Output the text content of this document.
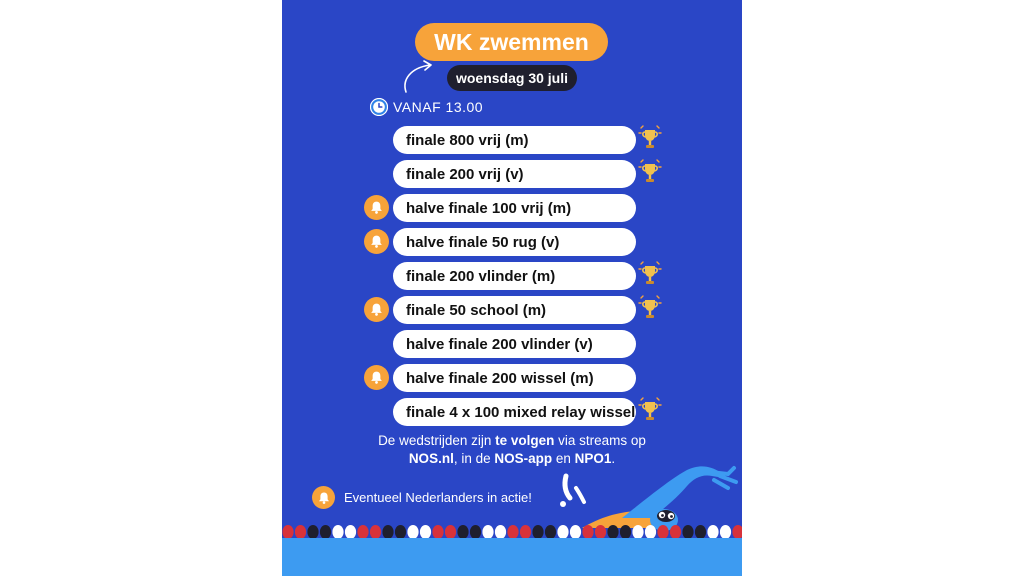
WK zwemmen
woensdag 30 juli
VANAF 13.00
finale 800 vrij (m)
finale 200 vrij (v)
halve finale 100 vrij (m)
halve finale 50 rug (v)
finale 200 vlinder (m)
finale 50 school (m)
halve finale 200 vlinder (v)
halve finale 200 wissel (m)
finale 4 x 100 mixed relay wissel
De wedstrijden zijn te volgen via streams op
NOS.nl, in de NOS-app en NPO1.
Eventueel Nederlanders in actie!
